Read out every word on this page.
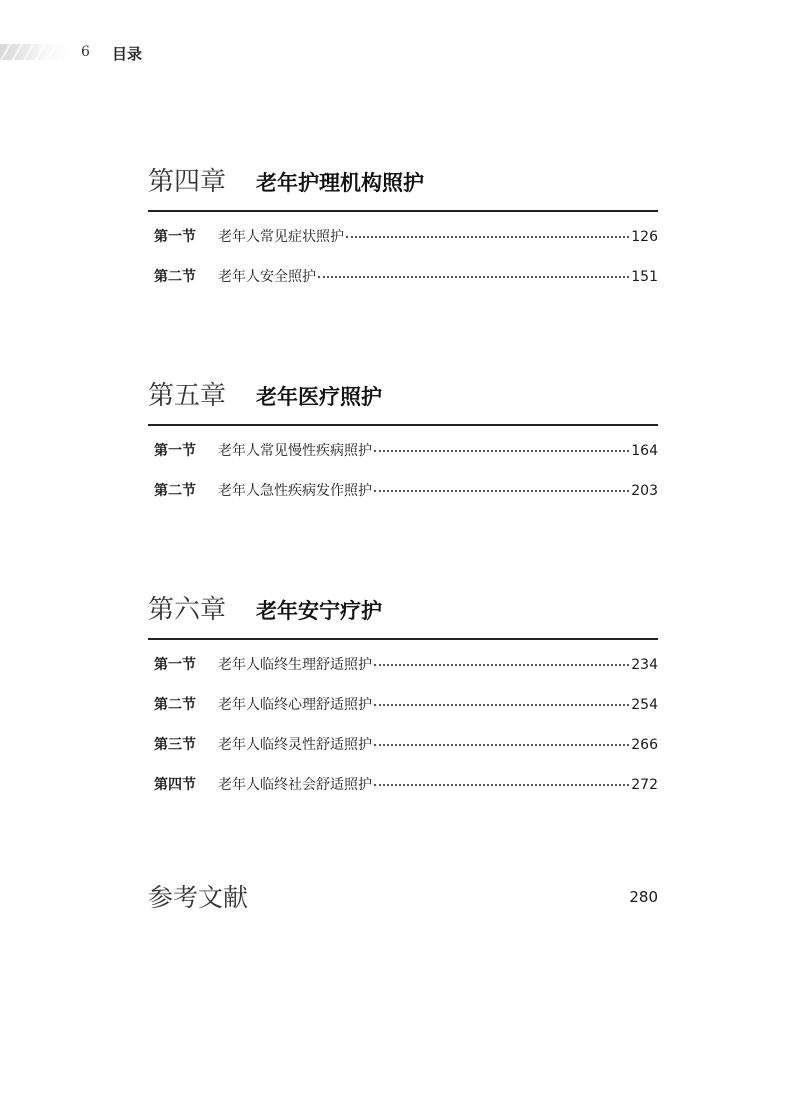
6 目录
第四章 老年护理机构照护
第一节	老年人常见症状照护	126
第二节	老年人安全照护	151
第五章 老年医疗照护
第一节	老年人常见慢性疾病照护	164
第二节	老年人急性疾病发作照护	203
第六章 老年安宁疗护
第一节	老年人临终生理舒适照护	234
第二节	老年人临终心理舒适照护	254
第三节	老年人临终灵性舒适照护	266
第四节	老年人临终社会舒适照护	272
参考文献	280
